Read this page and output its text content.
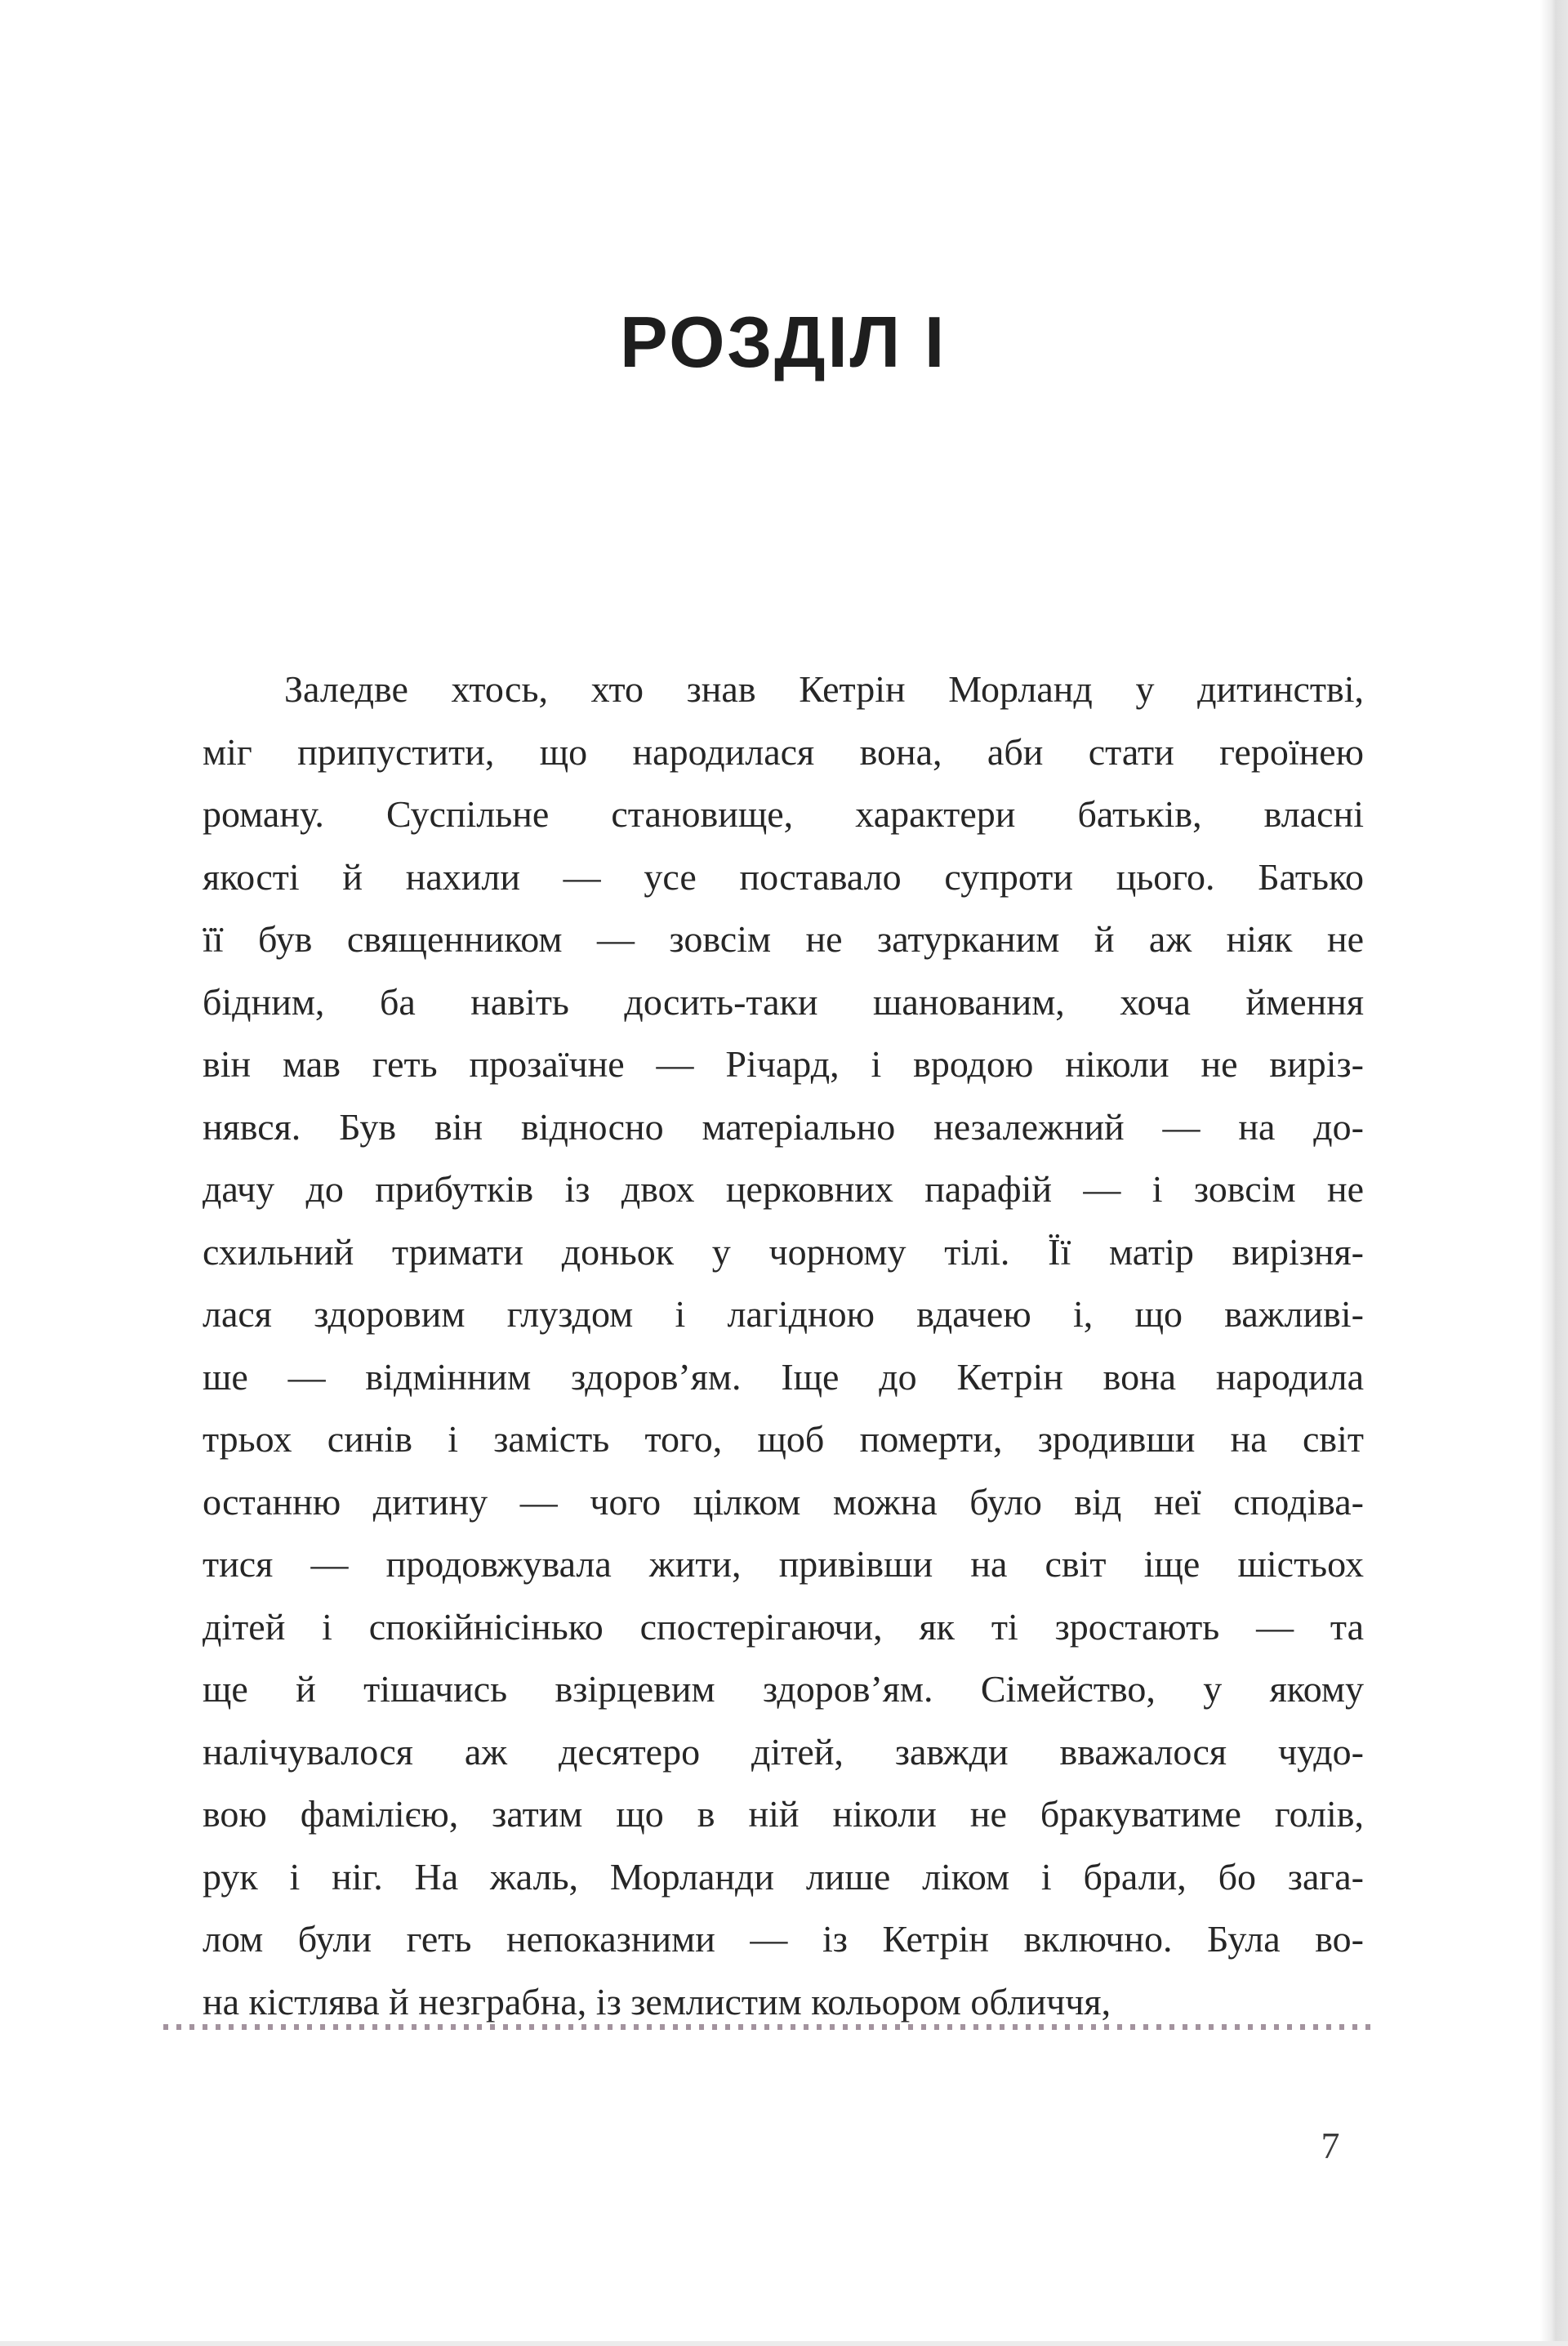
РОЗДІЛ І
Заледве хтось, хто знав Кетрін Морланд у дитинстві,
міг припустити, що народилася вона, аби стати героїнею
роману. Суспільне становище, характери батьків, власні
якості й нахили — усе поставало супроти цього. Батько
її був священником — зовсім не затурканим й аж ніяк не
бідним, ба навіть досить-таки шанованим, хоча ймення
він мав геть прозаїчне — Річард, і вродою ніколи не виріз-
нявся. Був він відносно матеріально незалежний — на до-
дачу до прибутків із двох церковних парафій — і зовсім не
схильний тримати доньок у чорному тілі. Її матір вирізня-
лася здоровим глуздом і лагідною вдачею і, що важливі-
ше — відмінним здоров’ям. Іще до Кетрін вона народила
трьох синів і замість того, щоб померти, зродивши на світ
останню дитину — чого цілком можна було від неї сподіва-
тися — продовжувала жити, привівши на світ іще шістьох
дітей і спокійнісінько спостерігаючи, як ті зростають — та
ще й тішачись взірцевим здоров’ям. Сімейство, у якому
налічувалося аж десятеро дітей, завжди вважалося чудо-
вою фамілією, затим що в ній ніколи не бракуватиме голів,
рук і ніг. На жаль, Морланди лише ліком і брали, бо зага-
лом були геть непоказними — із Кетрін включно. Була во-
на кістлява й незграбна, із землистим кольором обличчя,
7
